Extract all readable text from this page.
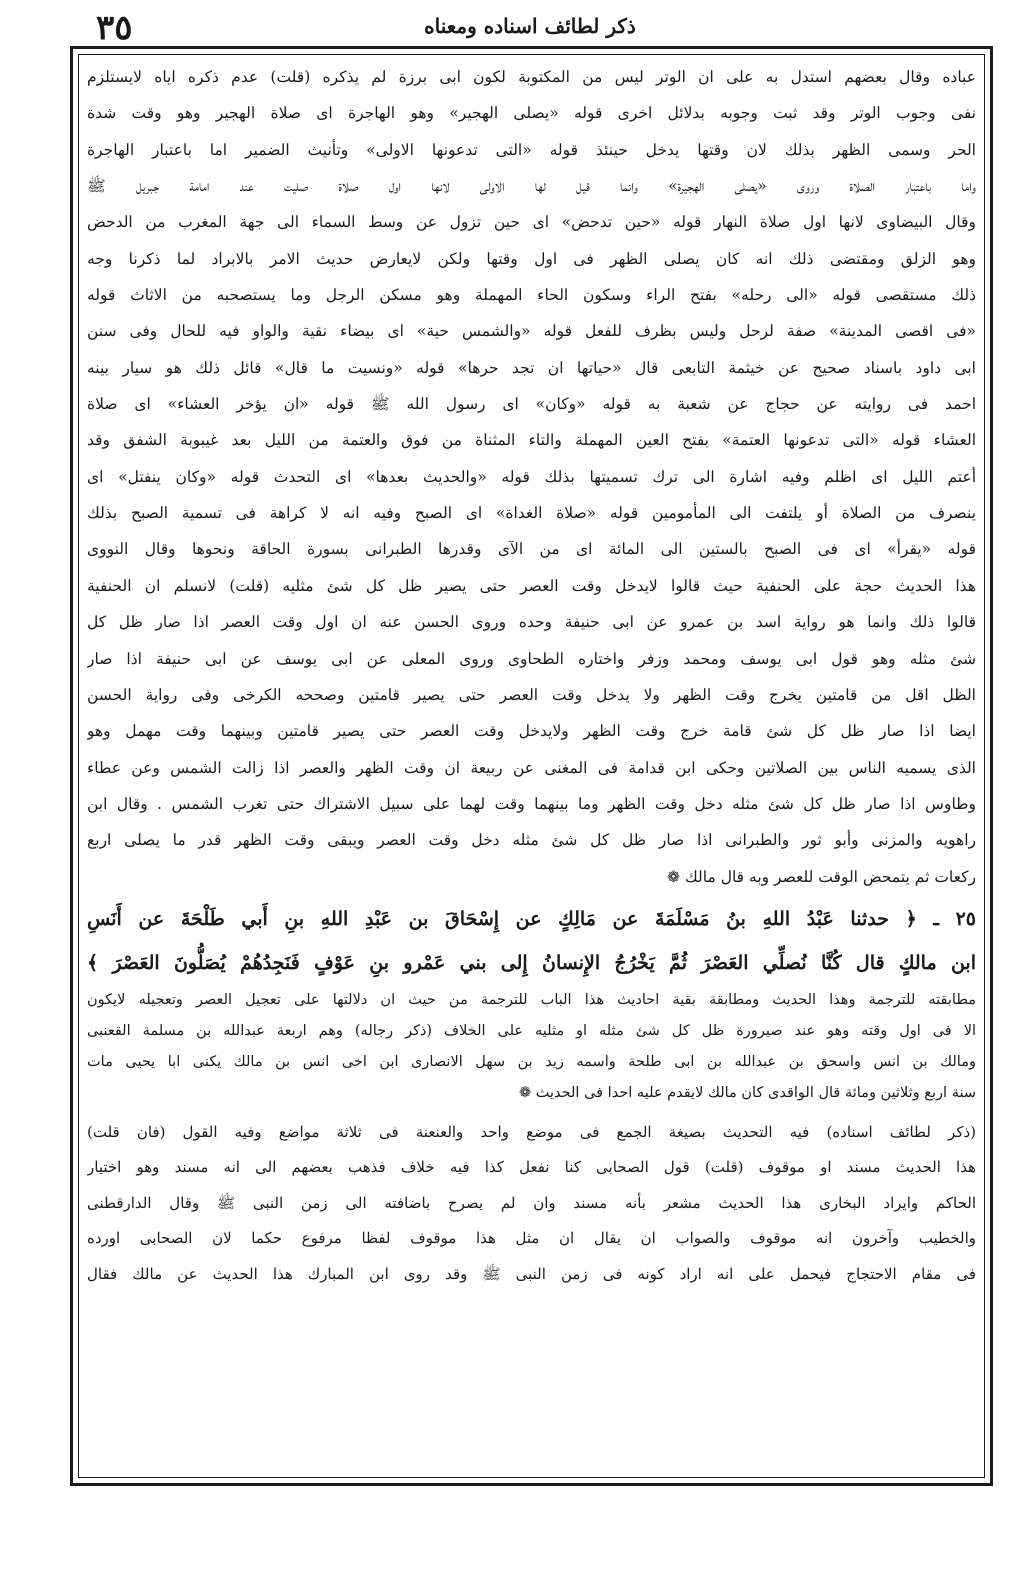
٣٥	ذكر لطائف اسناده ومعناه
عباده وقال بعضهم استدل به على ان الوتر ليس من المكتوبة لكون ابى برزة لم يذكره (قلت) عدم ذكره اياه لايستلزم
نفى وجوب الوتر وقد ثبت وجوبه بدلائل اخرى قوله «يصلى الهجير» وهو الهاجرة اى صلاة الهجير وهو وقت شدة
الحر وسمى الظهر بذلك لان وقتها يدخل حينئذ قوله «التى تدعونها الاولى» وتأنيث الضمير اما باعتبار الهاجرة
واما باعتبار الصلاة وروى «يصلى الهجيرة» وانما قيل لها الاولى لانها اول صلاة صليت عند امامة جبريل ﷺ
وقال البيضاوى لانها اول صلاة النهار قوله «حين تدحض» اى حين تزول عن وسط السماء الى جهة المغرب من الدحض
وهو الزلق ومقتضى ذلك انه كان يصلى الظهر فى اول وقتها ولكن لايعارض حديث الامر بالابراد لما ذكرنا وجه
ذلك مستقصى قوله «الى رحله» بفتح الراء وسكون الحاء المهملة وهو مسكن الرجل وما يستصحبه من الاثاث قوله
«فى اقصى المدينة» صفة لرحل وليس بظرف للفعل قوله «والشمس حية» اى بيضاء نقية والواو فيه للحال وفى سنن
ابى داود باسناد صحيح عن خيثمة التابعى قال «حياتها ان تجد حرها» قوله «ونسيت ما قال» قائل ذلك هو سيار بينه
احمد فى روايته عن حجاج عن شعبة به قوله «وكان» اى رسول الله ﷺ قوله «ان يؤخر العشاء» اى صلاة
العشاء قوله «التى تدعونها العتمة» بفتح العين المهملة والتاء المثناة من فوق والعتمة من الليل بعد غيبوبة الشفق وقد
أعتم الليل اى اظلم وفيه اشارة الى ترك تسميتها بذلك قوله «والحديث بعدها» اى التحدث قوله «وكان ينفتل» اى
ينصرف من الصلاة أو يلتفت الى المأمومين قوله «صلاة الغداة» اى الصبح وفيه انه لا كراهة فى تسمية الصبح بذلك
قوله «يقرأ» اى فى الصبح بالستين الى المائة اى من الآى وقدرها الطبرانى بسورة الحاقة ونحوها وقال النووى
هذا الحديث حجة على الحنفية حيث قالوا لايدخل وقت العصر حتى يصير ظل كل شئ مثليه (قلت) لانسلم ان الحنفية
قالوا ذلك وانما هو رواية اسد بن عمرو عن ابى حنيفة وحده وروى الحسن عنه ان اول وقت العصر اذا صار ظل كل
شئ مثله وهو قول ابى يوسف ومحمد وزفر واختاره الطحاوى وروى المعلى عن ابى يوسف عن ابى حنيفة اذا صار
الظل اقل من قامتين يخرج وقت الظهر ولا يدخل وقت العصر حتى يصير قامتين وصححه الكرخى وفى رواية الحسن
ايضا اذا صار ظل كل شئ قامة خرج وقت الظهر ولايدخل وقت العصر حتى يصير قامتين وبينهما وقت مهمل وهو
الذى يسميه الناس بين الصلاتين وحكى ابن قدامة فى المغنى عن ربيعة ان وقت الظهر والعصر اذا زالت الشمس وعن عطاء
وطاوس اذا صار ظل كل شئ مثله دخل وقت الظهر وما بينهما وقت لهما على سبيل الاشتراك حتى تغرب الشمس . وقال ابن
راهويه والمزنى وأبو ثور والطبرانى اذا صار ظل كل شئ مثله دخل وقت العصر ويبقى وقت الظهر قدر ما يصلى اربع
ركعات ثم يتمحض الوقت للعصر وبه قال مالك ❁
٢٥ ـ ﴿ حدثنا عَبْدُ اللهِ بنُ مَسْلَمَةَ عن مَالِكٍ عن إِسْحَاقَ بن عَبْدِ اللهِ بنِ أَبي طَلْحَةَ عن أَنَسِ
ابن مالكٍ قال كُنَّا نُصلِّي العَصْرَ ثُمَّ يَخْرُجُ الإِنسانُ إِلى بني عَمْرو بنِ عَوْفٍ فَنَجِدُهُمْ يُصَلُّونَ العَصْرَ ﴾
مطابقته للترجمة وهذا الحديث ومطابقة بقية احاديث هذا الباب للترجمة من حيث ان دلالتها على تعجيل العصر وتعجيله لايكون
الا فى اول وقته وهو عند صيرورة ظل كل شئ مثله او مثليه على الخلاف (ذكر رجاله) وهم اربعة عبدالله بن مسلمة القعنبى
ومالك بن انس واسحق بن عبدالله بن ابى طلحة واسمه زيد بن سهل الانصارى ابن اخى انس بن مالك يكنى ابا يحيى مات
سنة اربع وثلاثين ومائة قال الواقدى كان مالك لايقدم عليه احدا فى الحديث ❁
(ذكر لطائف اسناده) فيه التحديث بصيغة الجمع فى موضع واحد والعنعنة فى ثلاثة مواضع وفيه القول (فان قلت)
هذا الحديث مسند او موقوف (قلت) قول الصحابى كنا نفعل كذا فيه خلاف فذهب بعضهم الى انه مسند وهو اختيار
الحاكم وايراد البخارى هذا الحديث مشعر بأنه مسند وان لم يصرح باضافته الى زمن النبى ﷺ وقال الدارقطنى
والخطيب وآخرون انه موقوف والصواب ان يقال ان مثل هذا موقوف لفظا مرفوع حكما لان الصحابى اورده
فى مقام الاحتجاج فيحمل على انه اراد كونه فى زمن النبى ﷺ وقد روى ابن المبارك هذا الحديث عن مالك فقال
